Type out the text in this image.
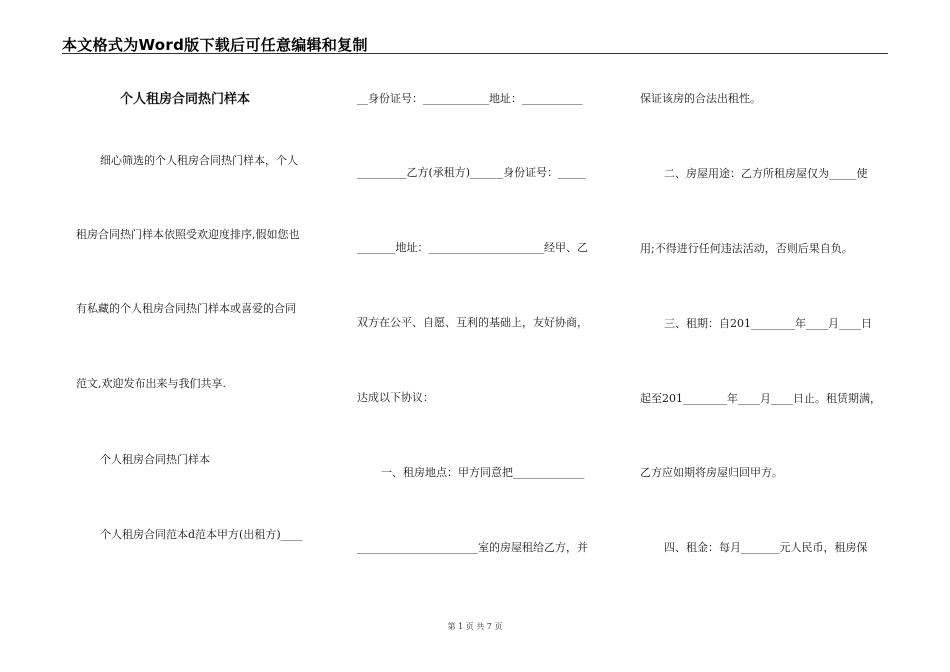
本文格式为Word版下载后可任意编辑和复制
个人租房合同热门样本
细心筛选的个人租房合同热门样本，个人
租房合同热门样本依照受欢迎度排序,假如您也
有私藏的个人租房合同热门样本或喜爱的合同
范文,欢迎发布出来与我们共享.
个人租房合同热门样本
个人租房合同范本d范本甲方(出租方)____
__身份证号：____________地址：___________
_________乙方(承租方)______身份证号：_____
_______地址：_____________________经甲、乙
双方在公平、自愿、互利的基础上，友好协商，
达成以下协议：
一、租房地点：甲方同意把_____________
______________________室的房屋租给乙方，并
保证该房的合法出租性。
二、房屋用途：乙方所租房屋仅为_____使
用;不得进行任何违法活动，否则后果自负。
三、租期：自201________年____月____日
起至201________年____月____日止。租赁期满，
乙方应如期将房屋归回甲方。
四、租金：每月_______元人民币，租房保
第 1 页 共 7 页
